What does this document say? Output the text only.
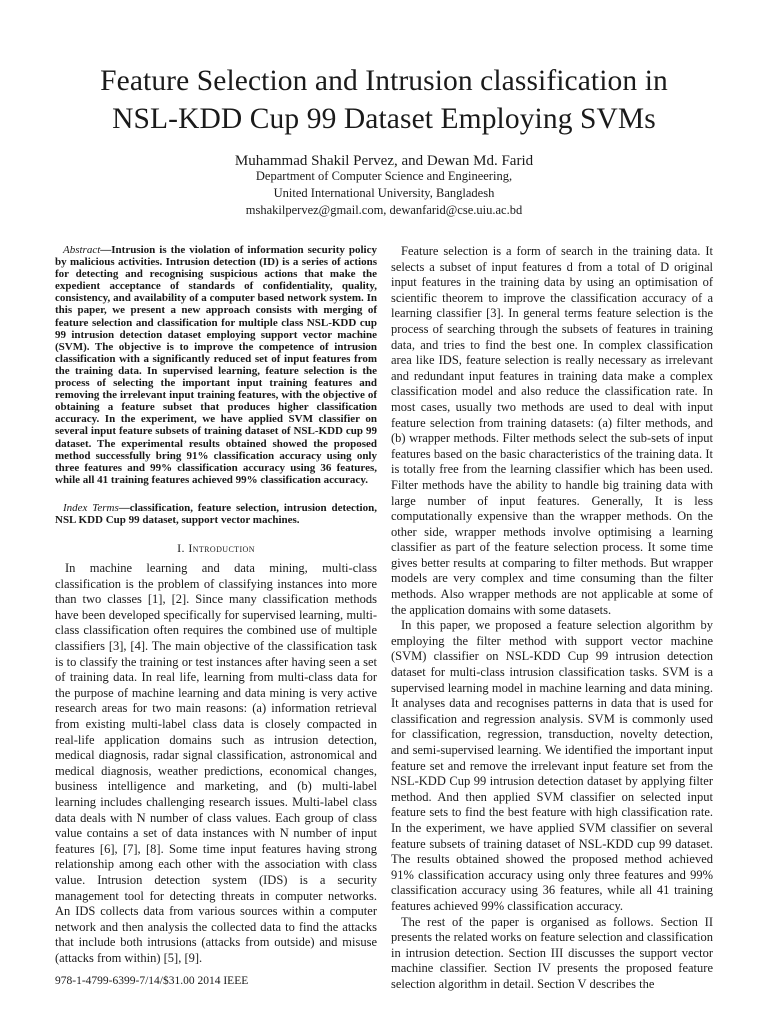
Feature Selection and Intrusion classification in
NSL-KDD Cup 99 Dataset Employing SVMs
Muhammad Shakil Pervez, and Dewan Md. Farid
Department of Computer Science and Engineering,
United International University, Bangladesh
mshakilpervez@gmail.com, dewanfarid@cse.uiu.ac.bd

Abstract—Intrusion is the violation of information security policy by malicious activities. Intrusion detection (ID) is a series of actions for detecting and recognising suspicious actions that make the expedient acceptance of standards of confidentiality, quality, consistency, and availability of a computer based network system. In this paper, we present a new approach consists with merging of feature selection and classification for multiple class NSL-KDD cup 99 intrusion detection dataset employing support vector machine (SVM). The objective is to improve the competence of intrusion classification with a significantly reduced set of input features from the training data. In supervised learning, feature selection is the process of selecting the important input training features and removing the irrelevant input training features, with the objective of obtaining a feature subset that produces higher classification accuracy. In the experiment, we have applied SVM classifier on several input feature subsets of training dataset of NSL-KDD cup 99 dataset. The experimental results obtained showed the proposed method successfully bring 91% classification accuracy using only three features and 99% classification accuracy using 36 features, while all 41 training features achieved 99% classification accuracy.

Index Terms—classification, feature selection, intrusion detection, NSL KDD Cup 99 dataset, support vector machines.

I. Introduction

In machine learning and data mining, multi-class classification is the problem of classifying instances into more than two classes [1], [2]. Since many classification methods have been developed specifically for supervised learning, multi-class classification often requires the combined use of multiple classifiers [3], [4]. The main objective of the classification task is to classify the training or test instances after having seen a set of training data. In real life, learning from multi-class data for the purpose of machine learning and data mining is very active research areas for two main reasons: (a) information retrieval from existing multi-label class data is closely compacted in real-life application domains such as intrusion detection, medical diagnosis, radar signal classification, astronomical and medical diagnosis, weather predictions, economical changes, business intelligence and marketing, and (b) multi-label learning includes challenging research issues. Multi-label class data deals with N number of class values. Each group of class value contains a set of data instances with N number of input features [6], [7], [8]. Some time input features having strong relationship among each other with the association with class value. Intrusion detection system (IDS) is a security management tool for detecting threats in computer networks. An IDS collects data from various sources within a computer network and then analysis the collected data to find the attacks that include both intrusions (attacks from outside) and misuse (attacks from within) [5], [9].

Feature selection is a form of search in the training data. It selects a subset of input features d from a total of D original input features in the training data by using an optimisation of scientific theorem to improve the classification accuracy of a learning classifier [3]. In general terms feature selection is the process of searching through the subsets of features in training data, and tries to find the best one. In complex classification area like IDS, feature selection is really necessary as irrelevant and redundant input features in training data make a complex classification model and also reduce the classification rate. In most cases, usually two methods are used to deal with input feature selection from training datasets: (a) filter methods, and (b) wrapper methods. Filter methods select the sub-sets of input features based on the basic characteristics of the training data. It is totally free from the learning classifier which has been used. Filter methods have the ability to handle big training data with large number of input features. Generally, It is less computationally expensive than the wrapper methods. On the other side, wrapper methods involve optimising a learning classifier as part of the feature selection process. It some time gives better results at comparing to filter methods. But wrapper models are very complex and time consuming than the filter methods. Also wrapper methods are not applicable at some of the application domains with some datasets.

In this paper, we proposed a feature selection algorithm by employing the filter method with support vector machine (SVM) classifier on NSL-KDD Cup 99 intrusion detection dataset for multi-class intrusion classification tasks. SVM is a supervised learning model in machine learning and data mining. It analyses data and recognises patterns in data that is used for classification and regression analysis. SVM is commonly used for classification, regression, transduction, novelty detection, and semi-supervised learning. We identified the important input feature set and remove the irrelevant input feature set from the NSL-KDD Cup 99 intrusion detection dataset by applying filter method. And then applied SVM classifier on selected input feature sets to find the best feature with high classification rate. In the experiment, we have applied SVM classifier on several feature subsets of training dataset of NSL-KDD cup 99 dataset. The results obtained showed the proposed method achieved 91% classification accuracy using only three features and 99% classification accuracy using 36 features, while all 41 training features achieved 99% classification accuracy.

The rest of the paper is organised as follows. Section II presents the related works on feature selection and classification in intrusion detection. Section III discusses the support vector machine classifier. Section IV presents the proposed feature selection algorithm in detail. Section V describes the

978-1-4799-6399-7/14/$31.00 2014 IEEE
